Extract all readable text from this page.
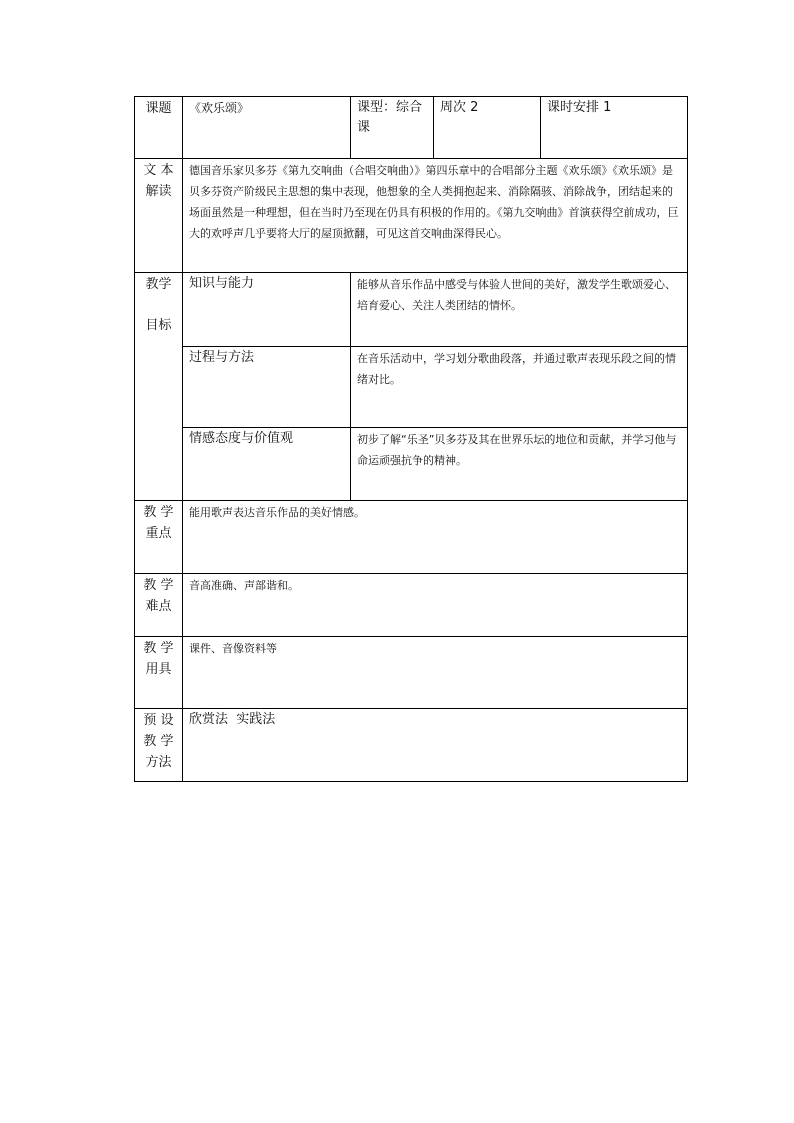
课题	《欢乐颂》	课型：综合课	周次 2	课时安排 1

文 本
解读	德国音乐家贝多芬《第九交响曲（合唱交响曲）》第四乐章中的合唱部分主题《欢乐颂》《欢乐颂》是贝多芬资产阶级民主思想的集中表现，他想象的全人类拥抱起来、消除隔骇、消除战争，团结起来的场面虽然是一种理想，但在当时乃至现在仍具有积极的作用的。《第九交响曲》首演获得空前成功，巨大的欢呼声几乎要将大厅的屋顶掀翻，可见这首交响曲深得民心。			

教学
目标	知识与能力	能够从音乐作品中感受与体验人世间的美好，激发学生歌颂爱心、培育爱心、关注人类团结的情怀。		
	过程与方法	在音乐活动中，学习划分歌曲段落，并通过歌声表现乐段之间的情绪对比。		
	情感态度与价值观	初步了解“乐圣”贝多芬及其在世界乐坛的地位和贡献，并学习他与命运顽强抗争的精神。		

教 学
重点	能用歌声表达音乐作品的美好情感。			

教 学
难点	音高准确、声部谐和。			

教 学
用具	课件、音像资料等			

预 设
教 学
方法	欣赏法  实践法			
